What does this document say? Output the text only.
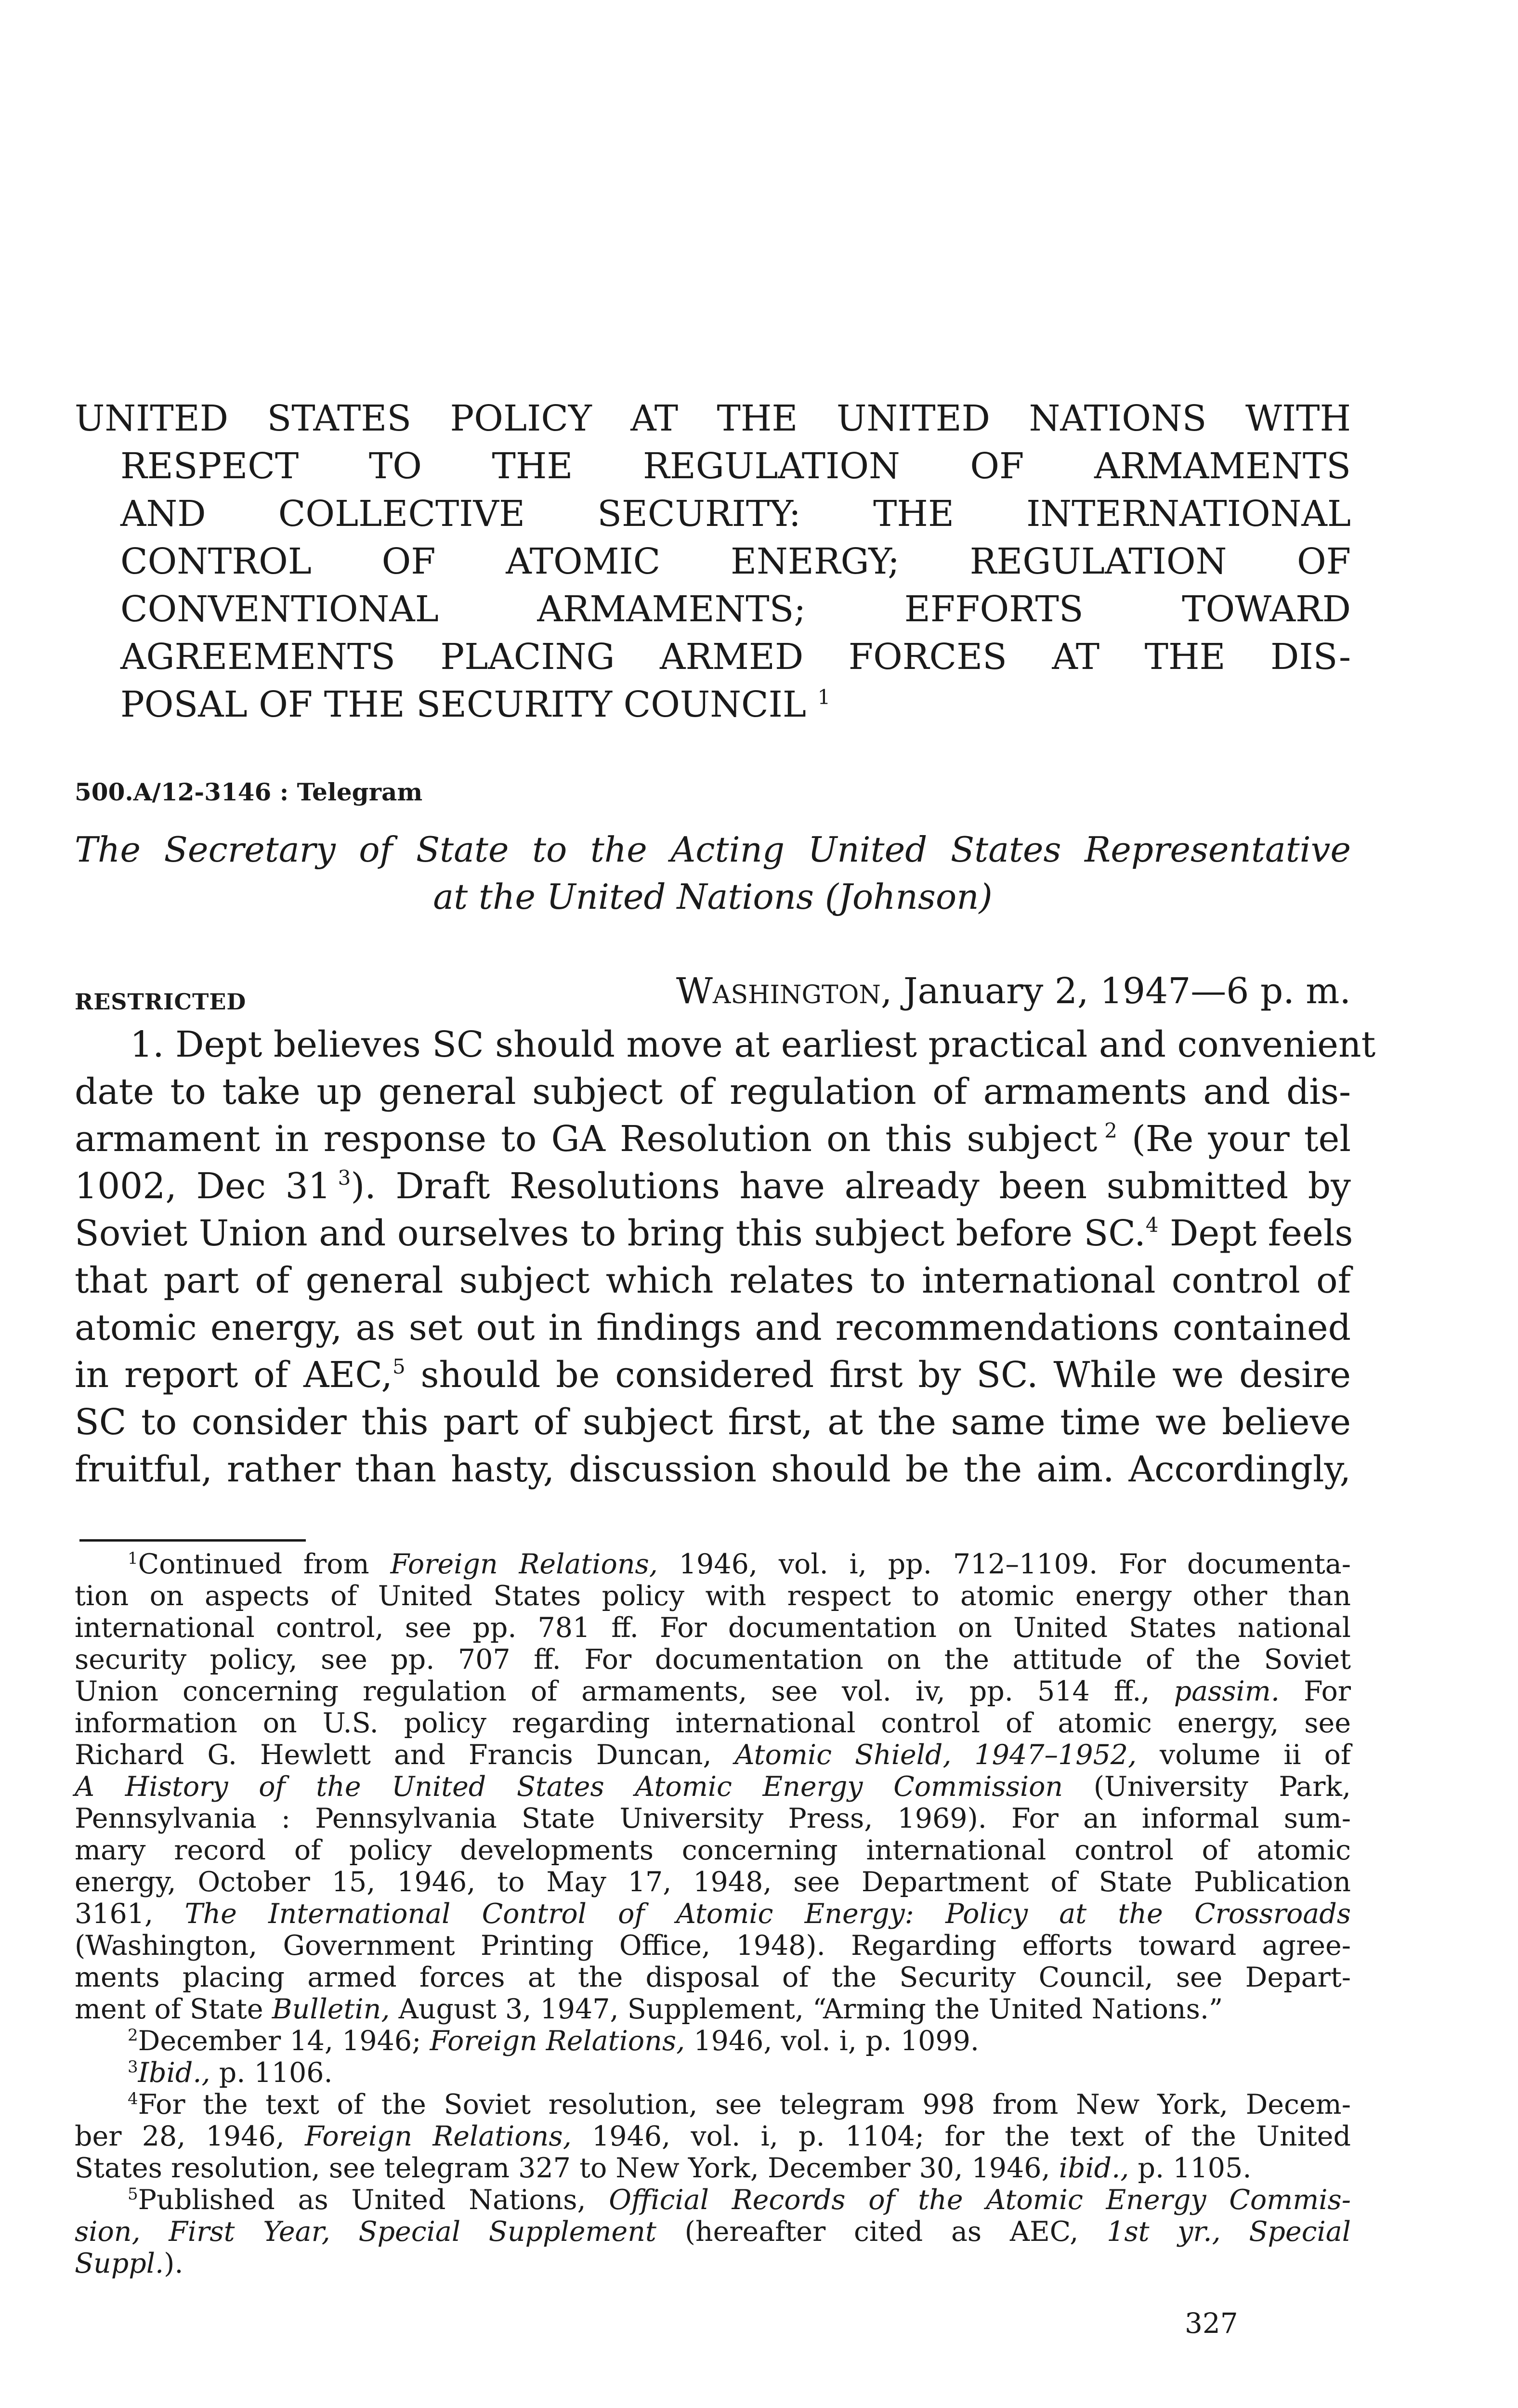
UNITED STATES POLICY AT THE UNITED NATIONS WITH
RESPECT TO THE REGULATION OF ARMAMENTS
AND COLLECTIVE SECURITY: THE INTERNATIONAL
CONTROL OF ATOMIC ENERGY; REGULATION OF
CONVENTIONAL ARMAMENTS; EFFORTS TOWARD
AGREEMENTS PLACING ARMED FORCES AT THE DIS-
POSAL OF THE SECURITY COUNCIL $^1$
500.A/12-3146 : Telegram
The Secretary of State to the Acting United States Representative
at the United Nations (Johnson)
RESTRICTED	Washington, January 2, 1947—6 p. m.
1. Dept believes SC should move at earliest practical and convenient
date to take up general subject of regulation of armaments and dis-
armament in response to GA Resolution on this subject  $^2$ (Re your tel
1002, Dec 31  $^3$). Draft Resolutions have already been submitted by
Soviet Union and ourselves to bring this subject before SC.$^4$ Dept feels
that part of general subject which relates to international control of
atomic energy, as set out in findings and recommendations contained
in report of AEC,$^5$ should be considered first by SC. While we desire
SC to consider this part of subject first, at the same time we believe
fruitful, rather than hasty, discussion should be the aim. Accordingly,
$^1$Continued from Foreign Relations, 1946, vol. i, pp. 712–1109. For documenta-
tion on aspects of United States policy with respect to atomic energy other than
international control, see pp. 781 ff. For documentation on United States national
security policy, see pp. 707 ff. For documentation on the attitude of the Soviet
Union concerning regulation of armaments, see vol. iv, pp. 514 ff., passim. For
information on U.S. policy regarding international control of atomic energy, see
Richard G. Hewlett and Francis Duncan, Atomic Shield, 1947–1952, volume ii of
A History of the United States Atomic Energy Commission (University Park,
Pennsylvania : Pennsylvania State University Press, 1969). For an informal sum-
mary record of policy developments concerning international control of atomic
energy, October 15, 1946, to May 17, 1948, see Department of State Publication
3161, The International Control of Atomic Energy: Policy at the Crossroads
(Washington, Government Printing Office, 1948). Regarding efforts toward agree-
ments placing armed forces at the disposal of the Security Council, see Depart-
ment of State Bulletin, August 3, 1947, Supplement, “Arming the United Nations.”
$^2$December 14, 1946; Foreign Relations, 1946, vol. i, p. 1099.
$^3$Ibid., p. 1106.
$^4$For the text of the Soviet resolution, see telegram 998 from New York, Decem-
ber 28, 1946, Foreign Relations, 1946, vol. i, p. 1104; for the text of the United
States resolution, see telegram 327 to New York, December 30, 1946, ibid., p. 1105.
$^5$Published as United Nations, Official Records of the Atomic Energy Commis-
sion, First Year, Special Supplement (hereafter cited as AEC, 1st yr., Special
Suppl.).
327
